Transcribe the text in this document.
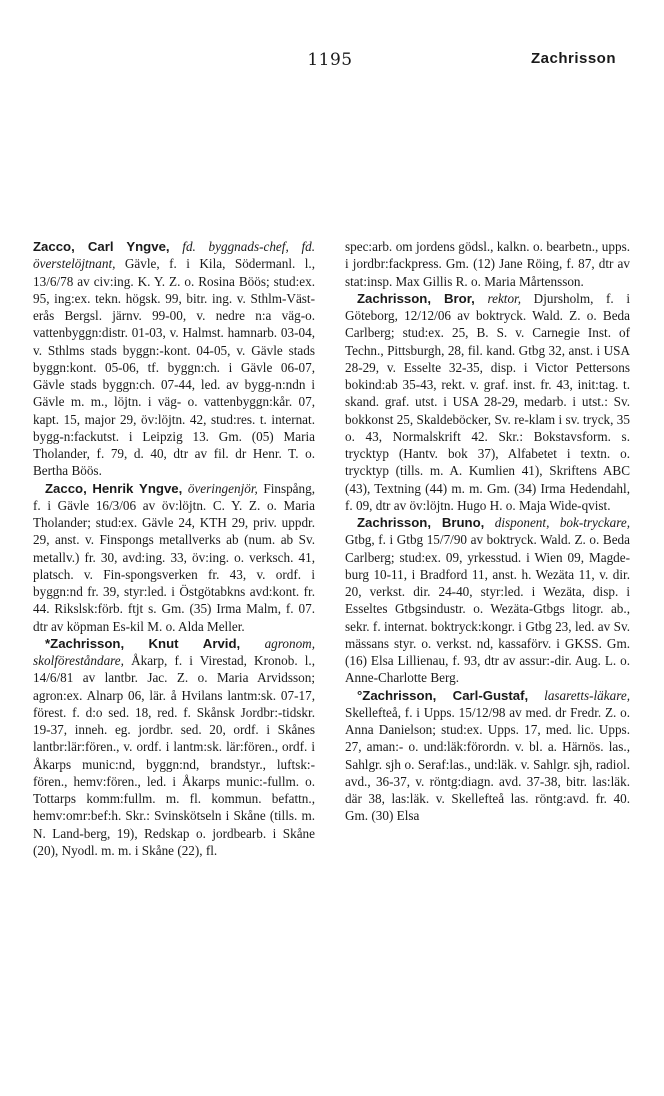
1195	Zachrisson

Zacco, Carl Yngve, fd. byggnads-chef, fd. överstelöjtnant, Gävle, f. i Kila, Södermanl. l., 13/6/78 av civ:ing. K. Y. Z. o. Rosina Böös; stud:ex. 95, ing:ex. tekn. högsk. 99, bitr. ing. v. Sthlm-Väst-erås Bergsl. järnv. 99-00, v. nedre n:a väg-o. vattenbyggn:distr. 01-03, v. Halmst. hamnarb. 03-04, v. Sthlms stads byggn:-kont. 04-05, v. Gävle stads byggn:kont. 05-06, tf. byggn:ch. i Gävle 06-07, Gävle stads byggn:ch. 07-44, led. av bygg-n:ndn i Gävle m. m., löjtn. i väg- o. vattenbyggn:kår. 07, kapt. 15, major 29, öv:löjtn. 42, stud:res. t. internat. bygg-n:fackutst. i Leipzig 13. Gm. (05) Maria Tholander, f. 79, d. 40, dtr av fil. dr Henr. T. o. Bertha Böös.

Zacco, Henrik Yngve, överingenjör, Finspång, f. i Gävle 16/3/06 av öv:löjtn. C. Y. Z. o. Maria Tholander; stud:ex. Gävle 24, KTH 29, priv. uppdr. 29, anst. v. Finspongs metallverks ab (num. ab Sv. metallv.) fr. 30, avd:ing. 33, öv:ing. o. verksch. 41, platsch. v. Fin-spongsverken fr. 43, v. ordf. i byggn:nd fr. 39, styr:led. i Östgötabkns avd:kont. fr. 44. Rikslsk:förb. ftjt s. Gm. (35) Irma Malm, f. 07. dtr av köpman Es-kil M. o. Alda Meller.

*Zachrisson, Knut Arvid, agronom, skolföreståndare, Åkarp, f. i Virestad, Kronob. l., 14/6/81 av lantbr. Jac. Z. o. Maria Arvidsson; agron:ex. Alnarp 06, lär. å Hvilans lantm:sk. 07-17, förest. f. d:o sed. 18, red. f. Skånsk Jordbr:-tidskr. 19-37, inneh. eg. jordbr. sed. 20, ordf. i Skånes lantbr:lär:fören., v. ordf. i lantm:sk. lär:fören., ordf. i Åkarps munic:nd, byggn:nd, brandstyr., luftsk:-fören., hemv:fören., led. i Åkarps munic:-fullm. o. Tottarps komm:fullm. m. fl. kommun. befattn., hemv:omr:bef:h. Skr.: Svinskötseln i Skåne (tills. m. N. Land-berg, 19), Redskap o. jordbearb. i Skåne (20), Nyodl. m. m. i Skåne (22), fl.

spec:arb. om jordens gödsl., kalkn. o. bearbetn., upps. i jordbr:fackpress. Gm. (12) Jane Röing, f. 87, dtr av stat:insp. Max Gillis R. o. Maria Mårtensson.

Zachrisson, Bror, rektor, Djursholm, f. i Göteborg, 12/12/06 av boktryck. Wald. Z. o. Beda Carlberg; stud:ex. 25, B. S. v. Carnegie Inst. of Techn., Pittsburgh, 28, fil. kand. Gtbg 32, anst. i USA 28-29, v. Esselte 32-35, disp. i Victor Pettersons bokind:ab 35-43, rekt. v. graf. inst. fr. 43, init:tag. t. skand. graf. utst. i USA 28-29, medarb. i utst.: Sv. bokkonst 25, Skaldeböcker, Sv. re-klam i sv. tryck, 35 o. 43, Normalskrift 42. Skr.: Bokstavsform. s. trycktyp (Hantv. bok 37), Alfabetet i textn. o. trycktyp (tills. m. A. Kumlien 41), Skriftens ABC (43), Textning (44) m. m. Gm. (34) Irma Hedendahl, f. 09, dtr av öv:löjtn. Hugo H. o. Maja Wide-qvist.

Zachrisson, Bruno, disponent, bok-tryckare, Gtbg, f. i Gtbg 15/7/90 av boktryck. Wald. Z. o. Beda Carlberg; stud:ex. 09, yrkesstud. i Wien 09, Magde-burg 10-11, i Bradford 11, anst. h. Wezäta 11, v. dir. 20, verkst. dir. 24-40, styr:led. i Wezäta, disp. i Esseltes Gtbgsindustr. o. Wezäta-Gtbgs litogr. ab., sekr. f. internat. boktryck:kongr. i Gtbg 23, led. av Sv. mässans styr. o. verkst. nd, kassaförv. i GKSS. Gm. (16) Elsa Lillienau, f. 93, dtr av assur:-dir. Aug. L. o. Anne-Charlotte Berg.

°Zachrisson, Carl-Gustaf, lasaretts-läkare, Skellefteå, f. i Upps. 15/12/98 av med. dr Fredr. Z. o. Anna Danielson; stud:ex. Upps. 17, med. lic. Upps. 27, aman:- o. und:läk:förordn. v. bl. a. Härnös. las., Sahlgr. sjh o. Seraf:las., und:läk. v. Sahlgr. sjh, radiol. avd., 36-37, v. röntg:diagn. avd. 37-38, bitr. las:läk. där 38, las:läk. v. Skellefteå las. röntg:avd. fr. 40. Gm. (30) Elsa
